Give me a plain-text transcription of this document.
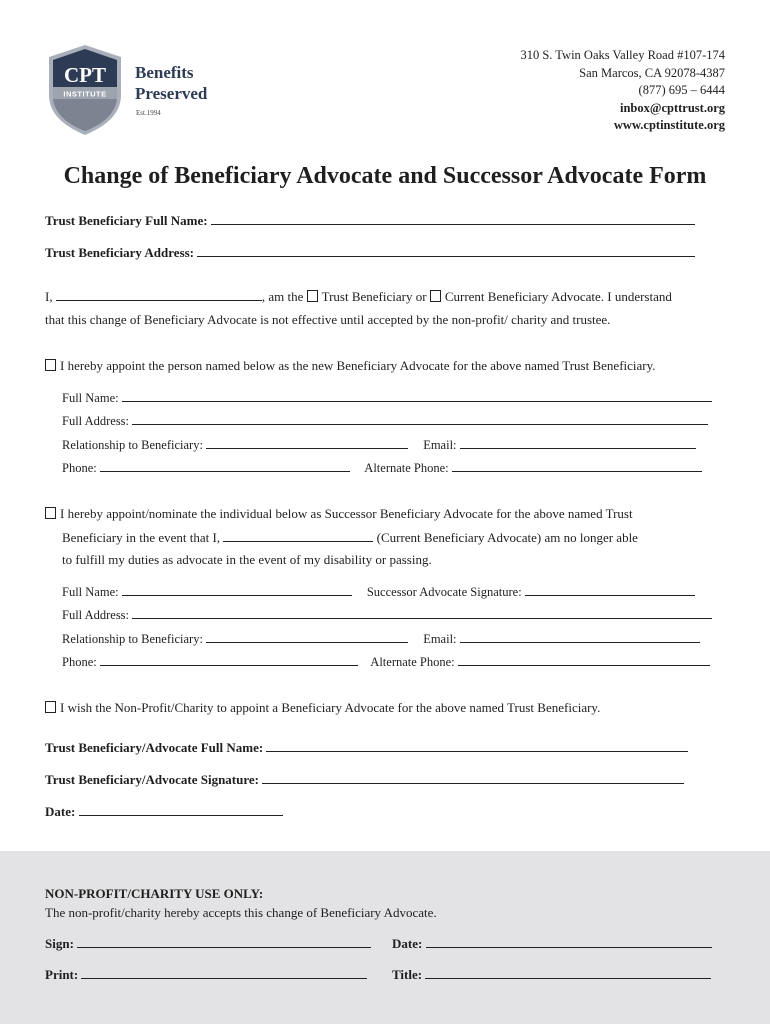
CPT
INSTITUTE
Benefits
Preserved
Est.1994
310 S. Twin Oaks Valley Road #107-174
San Marcos, CA 92078-4387
(877) 695 – 6444
inbox@cpttrust.org
www.cptinstitute.org
Change of Beneficiary Advocate and Successor Advocate Form
Trust Beneficiary Full Name:
Trust Beneficiary Address:
I,	, am the Trust Beneficiary or Current Beneficiary Advocate. I understand
that this change of Beneficiary Advocate is not effective until accepted by the non-profit/ charity and trustee.
I hereby appoint the person named below as the new Beneficiary Advocate for the above named Trust Beneficiary.
Full Name:
Full Address:
Relationship to Beneficiary:	Email:
Phone:	Alternate Phone:
I hereby appoint/nominate the individual below as Successor Beneficiary Advocate for the above named Trust
Beneficiary in the event that I,	(Current Beneficiary Advocate) am no longer able
to fulfill my duties as advocate in the event of my disability or passing.
Full Name:	Successor Advocate Signature:
Full Address:
Relationship to Beneficiary:	Email:
Phone:	Alternate Phone:
I wish the Non-Profit/Charity to appoint a Beneficiary Advocate for the above named Trust Beneficiary.
Trust Beneficiary/Advocate Full Name:
Trust Beneficiary/Advocate Signature:
Date:
NON-PROFIT/CHARITY USE ONLY:
The non-profit/charity hereby accepts this change of Beneficiary Advocate.
Sign:	Date:
Print:	Title:
